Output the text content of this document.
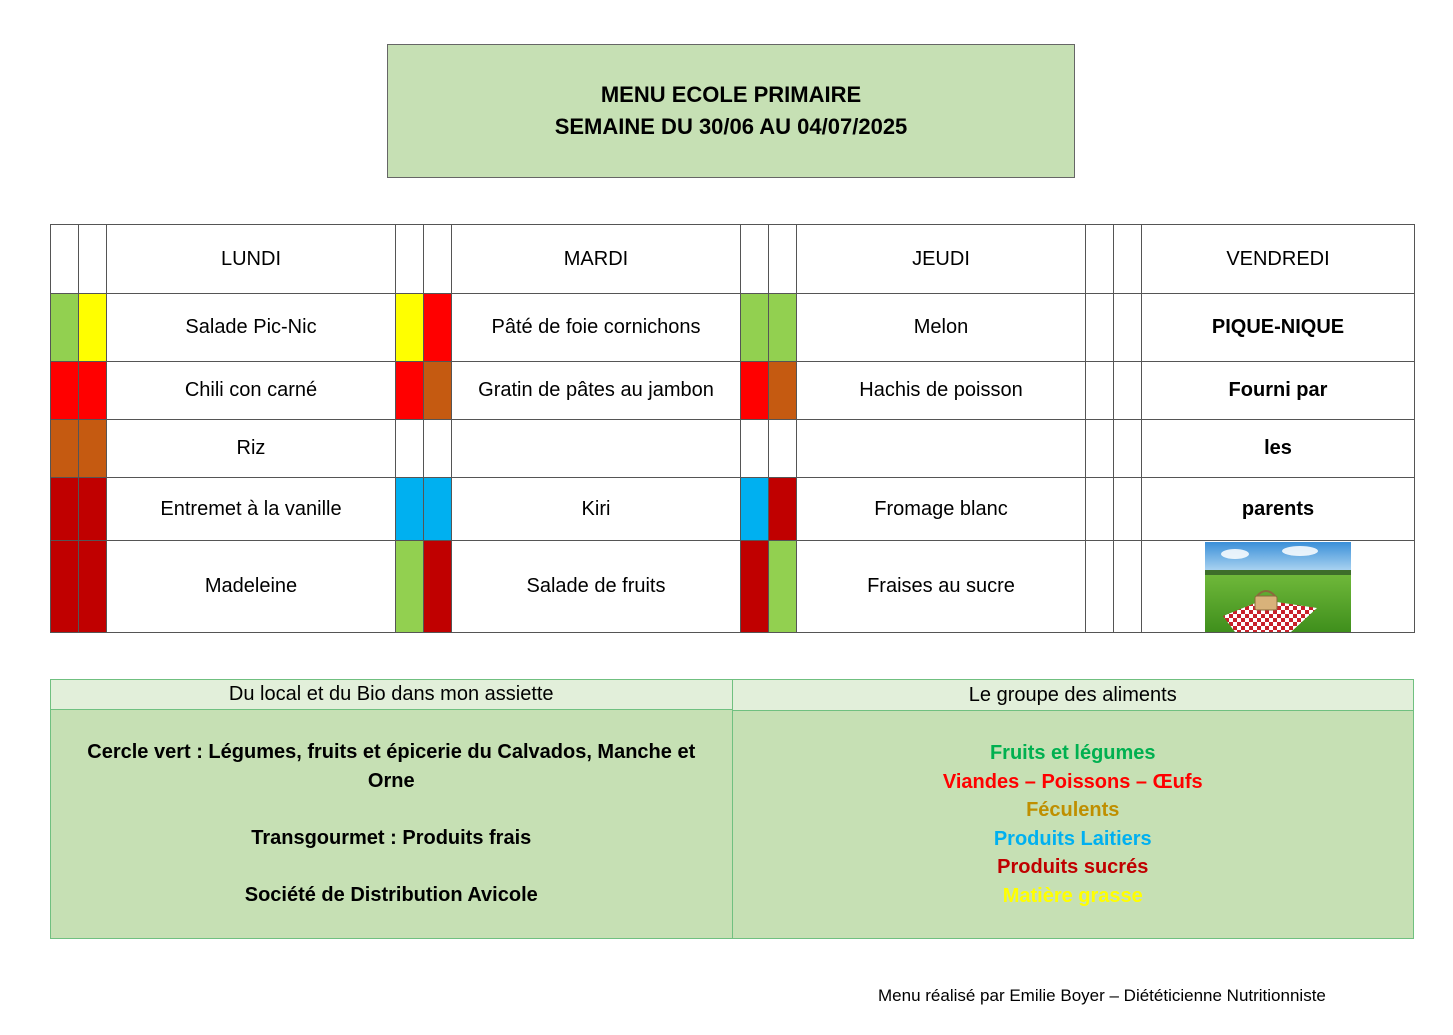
MENU ECOLE PRIMAIRE
SEMAINE DU 30/06 AU 04/07/2025
		LUNDI			MARDI			JEUDI			VENDREDI
		Salade Pic-Nic			Pâté de foie cornichons			Melon			PIQUE-NIQUE
		Chili con carné			Gratin de pâtes au jambon			Hachis de poisson			Fourni par
		Riz									les
		Entremet à la vanille			Kiri			Fromage blanc			parents
		Madeleine			Salade de fruits			Fraises au sucre			
Du local et du Bio dans mon assiette

Cercle vert : Légumes, fruits et épicerie du Calvados, Manche et Orne

Transgourmet : Produits frais

Société de Distribution Avicole

Le groupe des aliments

Fruits et légumes

Viandes – Poissons – Œufs

Féculents

Produits Laitiers

Produits sucrés

Matière grasse

Menu réalisé par Emilie Boyer – Diététicienne Nutritionniste
